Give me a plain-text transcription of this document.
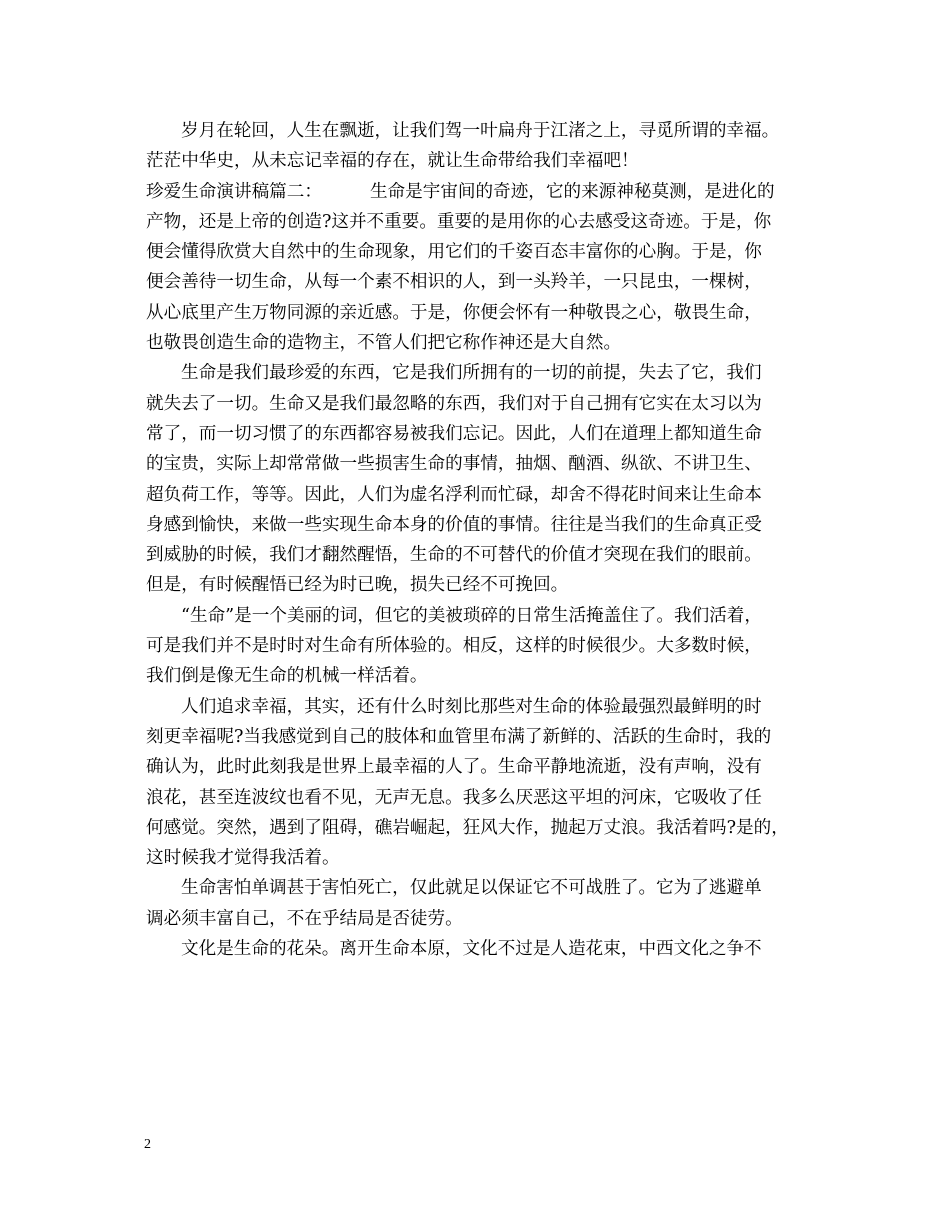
岁月在轮回，人生在飘逝，让我们驾一叶扁舟于江渚之上，寻觅所谓的幸福。
茫茫中华史，从未忘记幸福的存在，就让生命带给我们幸福吧！
珍爱生命演讲稿篇二：	生命是宇宙间的奇迹，它的来源神秘莫测，是进化的
产物，还是上帝的创造?这并不重要。重要的是用你的心去感受这奇迹。于是，你
便会懂得欣赏大自然中的生命现象，用它们的千姿百态丰富你的心胸。于是，你
便会善待一切生命，从每一个素不相识的人，到一头羚羊，一只昆虫，一棵树，
从心底里产生万物同源的亲近感。于是，你便会怀有一种敬畏之心，敬畏生命，
也敬畏创造生命的造物主，不管人们把它称作神还是大自然。
生命是我们最珍爱的东西，它是我们所拥有的一切的前提，失去了它，我们
就失去了一切。生命又是我们最忽略的东西，我们对于自己拥有它实在太习以为
常了，而一切习惯了的东西都容易被我们忘记。因此，人们在道理上都知道生命
的宝贵，实际上却常常做一些损害生命的事情，抽烟、酗酒、纵欲、不讲卫生、
超负荷工作，等等。因此，人们为虚名浮利而忙碌，却舍不得花时间来让生命本
身感到愉快，来做一些实现生命本身的价值的事情。往往是当我们的生命真正受
到威胁的时候，我们才翻然醒悟，生命的不可替代的价值才突现在我们的眼前。
但是，有时候醒悟已经为时已晚，损失已经不可挽回。
“生命”是一个美丽的词，但它的美被琐碎的日常生活掩盖住了。我们活着，
可是我们并不是时时对生命有所体验的。相反，这样的时候很少。大多数时候，
我们倒是像无生命的机械一样活着。
人们追求幸福，其实，还有什么时刻比那些对生命的体验最强烈最鲜明的时
刻更幸福呢?当我感觉到自己的肢体和血管里布满了新鲜的、活跃的生命时，我的
确认为，此时此刻我是世界上最幸福的人了。生命平静地流逝，没有声响，没有
浪花，甚至连波纹也看不见，无声无息。我多么厌恶这平坦的河床，它吸收了任
何感觉。突然，遇到了阻碍，礁岩崛起，狂风大作，抛起万丈浪。我活着吗?是的，
这时候我才觉得我活着。
生命害怕单调甚于害怕死亡，仅此就足以保证它不可战胜了。它为了逃避单
调必须丰富自己，不在乎结局是否徒劳。
文化是生命的花朵。离开生命本原，文化不过是人造花束，中西文化之争不
2
